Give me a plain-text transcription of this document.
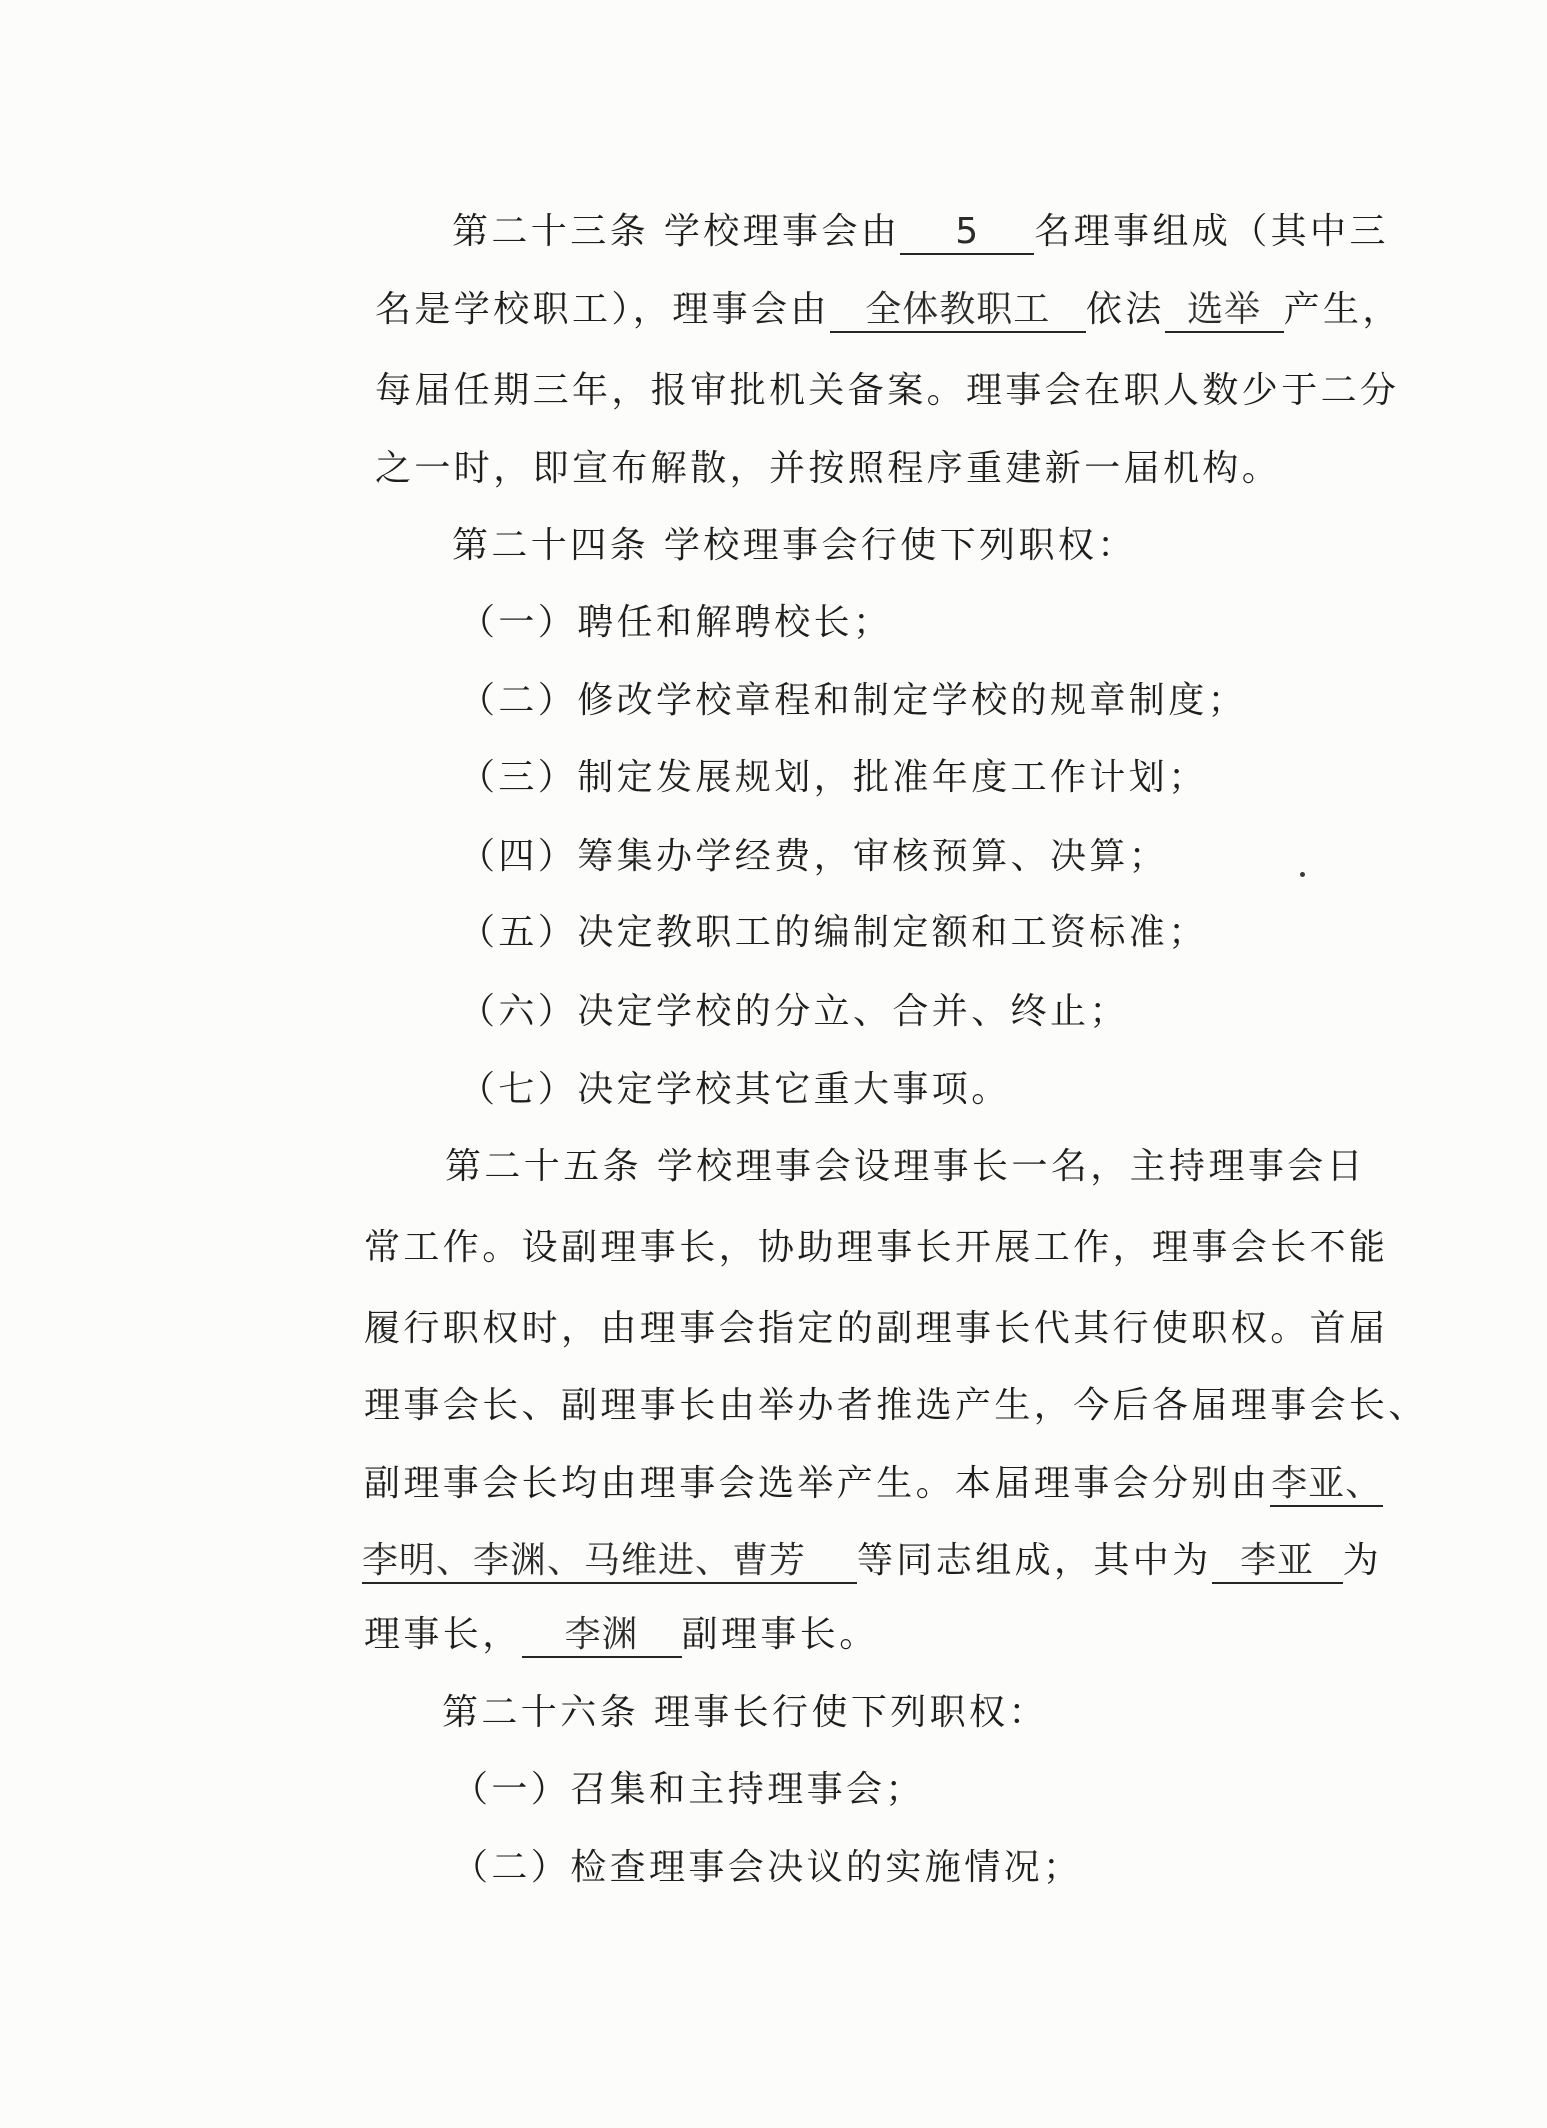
第二十三条 学校理事会由 5 名理事组成（其中三
名是学校职工），理事会由 全体教职工 依法 选举 产生，
每届任期三年，报审批机关备案。理事会在职人数少于二分
之一时，即宣布解散，并按照程序重建新一届机构。
第二十四条 学校理事会行使下列职权：
（一）聘任和解聘校长；
（二）修改学校章程和制定学校的规章制度；
（三）制定发展规划，批准年度工作计划；
（四）筹集办学经费，审核预算、决算；
（五）决定教职工的编制定额和工资标准；
（六）决定学校的分立、合并、终止；
（七）决定学校其它重大事项。
第二十五条 学校理事会设理事长一名，主持理事会日
常工作。设副理事长，协助理事长开展工作，理事会长不能
履行职权时，由理事会指定的副理事长代其行使职权。首届
理事会长、副理事长由举办者推选产生，今后各届理事会长、
副理事会长均由理事会选举产生。本届理事会分别由李亚、
李明、李渊、马维进、曹芳 等同志组成，其中为 李亚 为
理事长， 李渊 副理事长。
第二十六条 理事长行使下列职权：
（一）召集和主持理事会；
（二）检查理事会决议的实施情况；
